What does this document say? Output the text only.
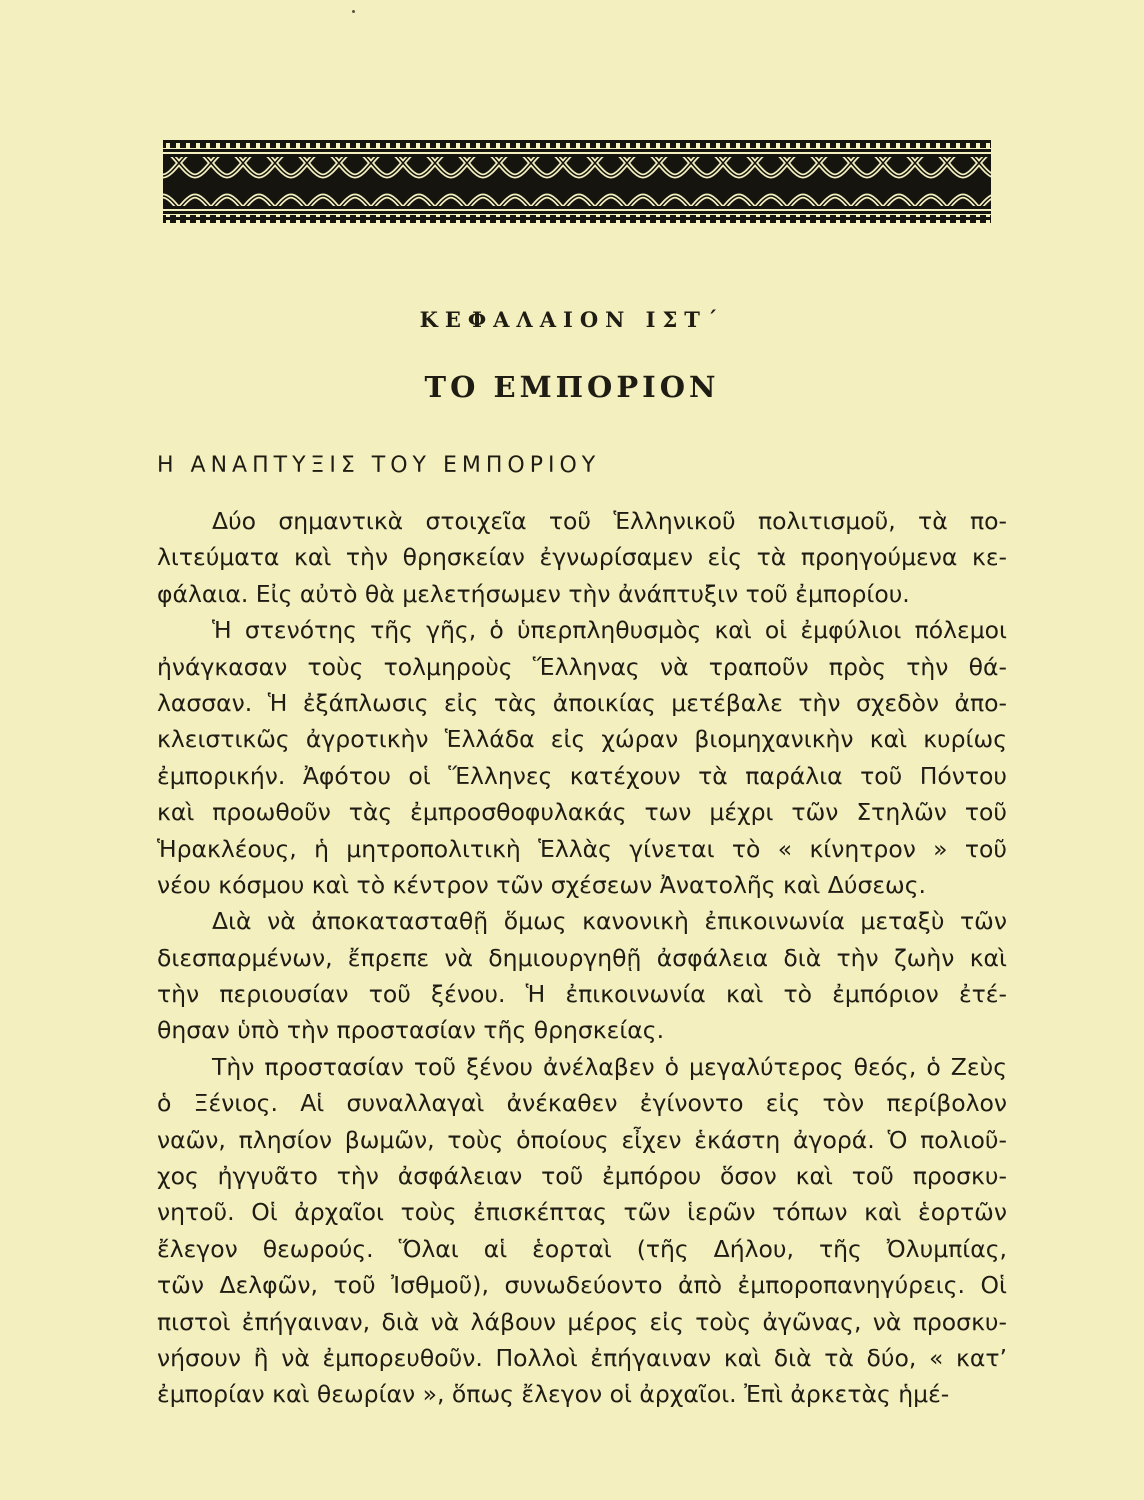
ΚΕΦΑΛΑΙΟΝ ΙΣΤ΄
ΤΟ ΕΜΠΟΡΙΟΝ
Η ΑΝΑΠΤΥΞΙΣ ΤΟΥ ΕΜΠΟΡΙΟΥ
Δύο σημαντικὰ στοιχεῖα τοῦ Ἑλληνικοῦ πολιτισμοῦ, τὰ πο-
λιτεύματα καὶ τὴν θρησκείαν ἐγνωρίσαμεν εἰς τὰ προηγούμενα κε-
φάλαια. Εἰς αὐτὸ θὰ μελετήσωμεν τὴν ἀνάπτυξιν τοῦ ἐμπορίου.
Ἡ στενότης τῆς γῆς, ὁ ὑπερπληθυσμὸς καὶ οἱ ἐμφύλιοι πόλεμοι
ἠνάγκασαν τοὺς τολμηροὺς Ἕλληνας νὰ τραποῦν πρὸς τὴν θά-
λασσαν. Ἡ ἐξάπλωσις εἰς τὰς ἀποικίας μετέβαλε τὴν σχεδὸν ἀπο-
κλειστικῶς ἀγροτικὴν Ἑλλάδα εἰς χώραν βιομηχανικὴν καὶ κυρίως
ἐμπορικήν. Ἀφότου οἱ Ἕλληνες κατέχουν τὰ παράλια τοῦ Πόντου
καὶ προωθοῦν τὰς ἐμπροσθοφυλακάς των μέχρι τῶν Στηλῶν τοῦ
Ἡρακλέους, ἡ μητροπολιτικὴ Ἑλλὰς γίνεται τὸ « κίνητρον » τοῦ
νέου κόσμου καὶ τὸ κέντρον τῶν σχέσεων Ἀνατολῆς καὶ Δύσεως.
Διὰ νὰ ἀποκατασταθῇ ὅμως κανονικὴ ἐπικοινωνία μεταξὺ τῶν
διεσπαρμένων, ἔπρεπε νὰ δημιουργηθῇ ἀσφάλεια διὰ τὴν ζωὴν καὶ
τὴν περιουσίαν τοῦ ξένου. Ἡ ἐπικοινωνία καὶ τὸ ἐμπόριον ἐτέ-
θησαν ὑπὸ τὴν προστασίαν τῆς θρησκείας.
Τὴν προστασίαν τοῦ ξένου ἀνέλαβεν ὁ μεγαλύτερος θεός, ὁ Ζεὺς
ὁ Ξένιος. Αἱ συναλλαγαὶ ἀνέκαθεν ἐγίνοντο εἰς τὸν περίβολον
ναῶν, πλησίον βωμῶν, τοὺς ὁποίους εἶχεν ἑκάστη ἀγορά. Ὁ πολιοῦ-
χος ἠγγυᾶτο τὴν ἀσφάλειαν τοῦ ἐμπόρου ὅσον καὶ τοῦ προσκυ-
νητοῦ. Οἱ ἀρχαῖοι τοὺς ἐπισκέπτας τῶν ἱερῶν τόπων καὶ ἑορτῶν
ἔλεγον θεωρούς. Ὅλαι αἱ ἑορταὶ (τῆς Δήλου, τῆς Ὀλυμπίας,
τῶν Δελφῶν, τοῦ Ἰσθμοῦ), συνωδεύοντο ἀπὸ ἐμποροπανηγύρεις. Οἱ
πιστοὶ ἐπήγαιναν, διὰ νὰ λάβουν μέρος εἰς τοὺς ἀγῶνας, νὰ προσκυ-
νήσουν ἢ νὰ ἐμπορευθοῦν. Πολλοὶ ἐπήγαιναν καὶ διὰ τὰ δύο, « κατ’
ἐμπορίαν καὶ θεωρίαν », ὅπως ἔλεγον οἱ ἀρχαῖοι. Ἐπὶ ἀρκετὰς ἡμέ-
